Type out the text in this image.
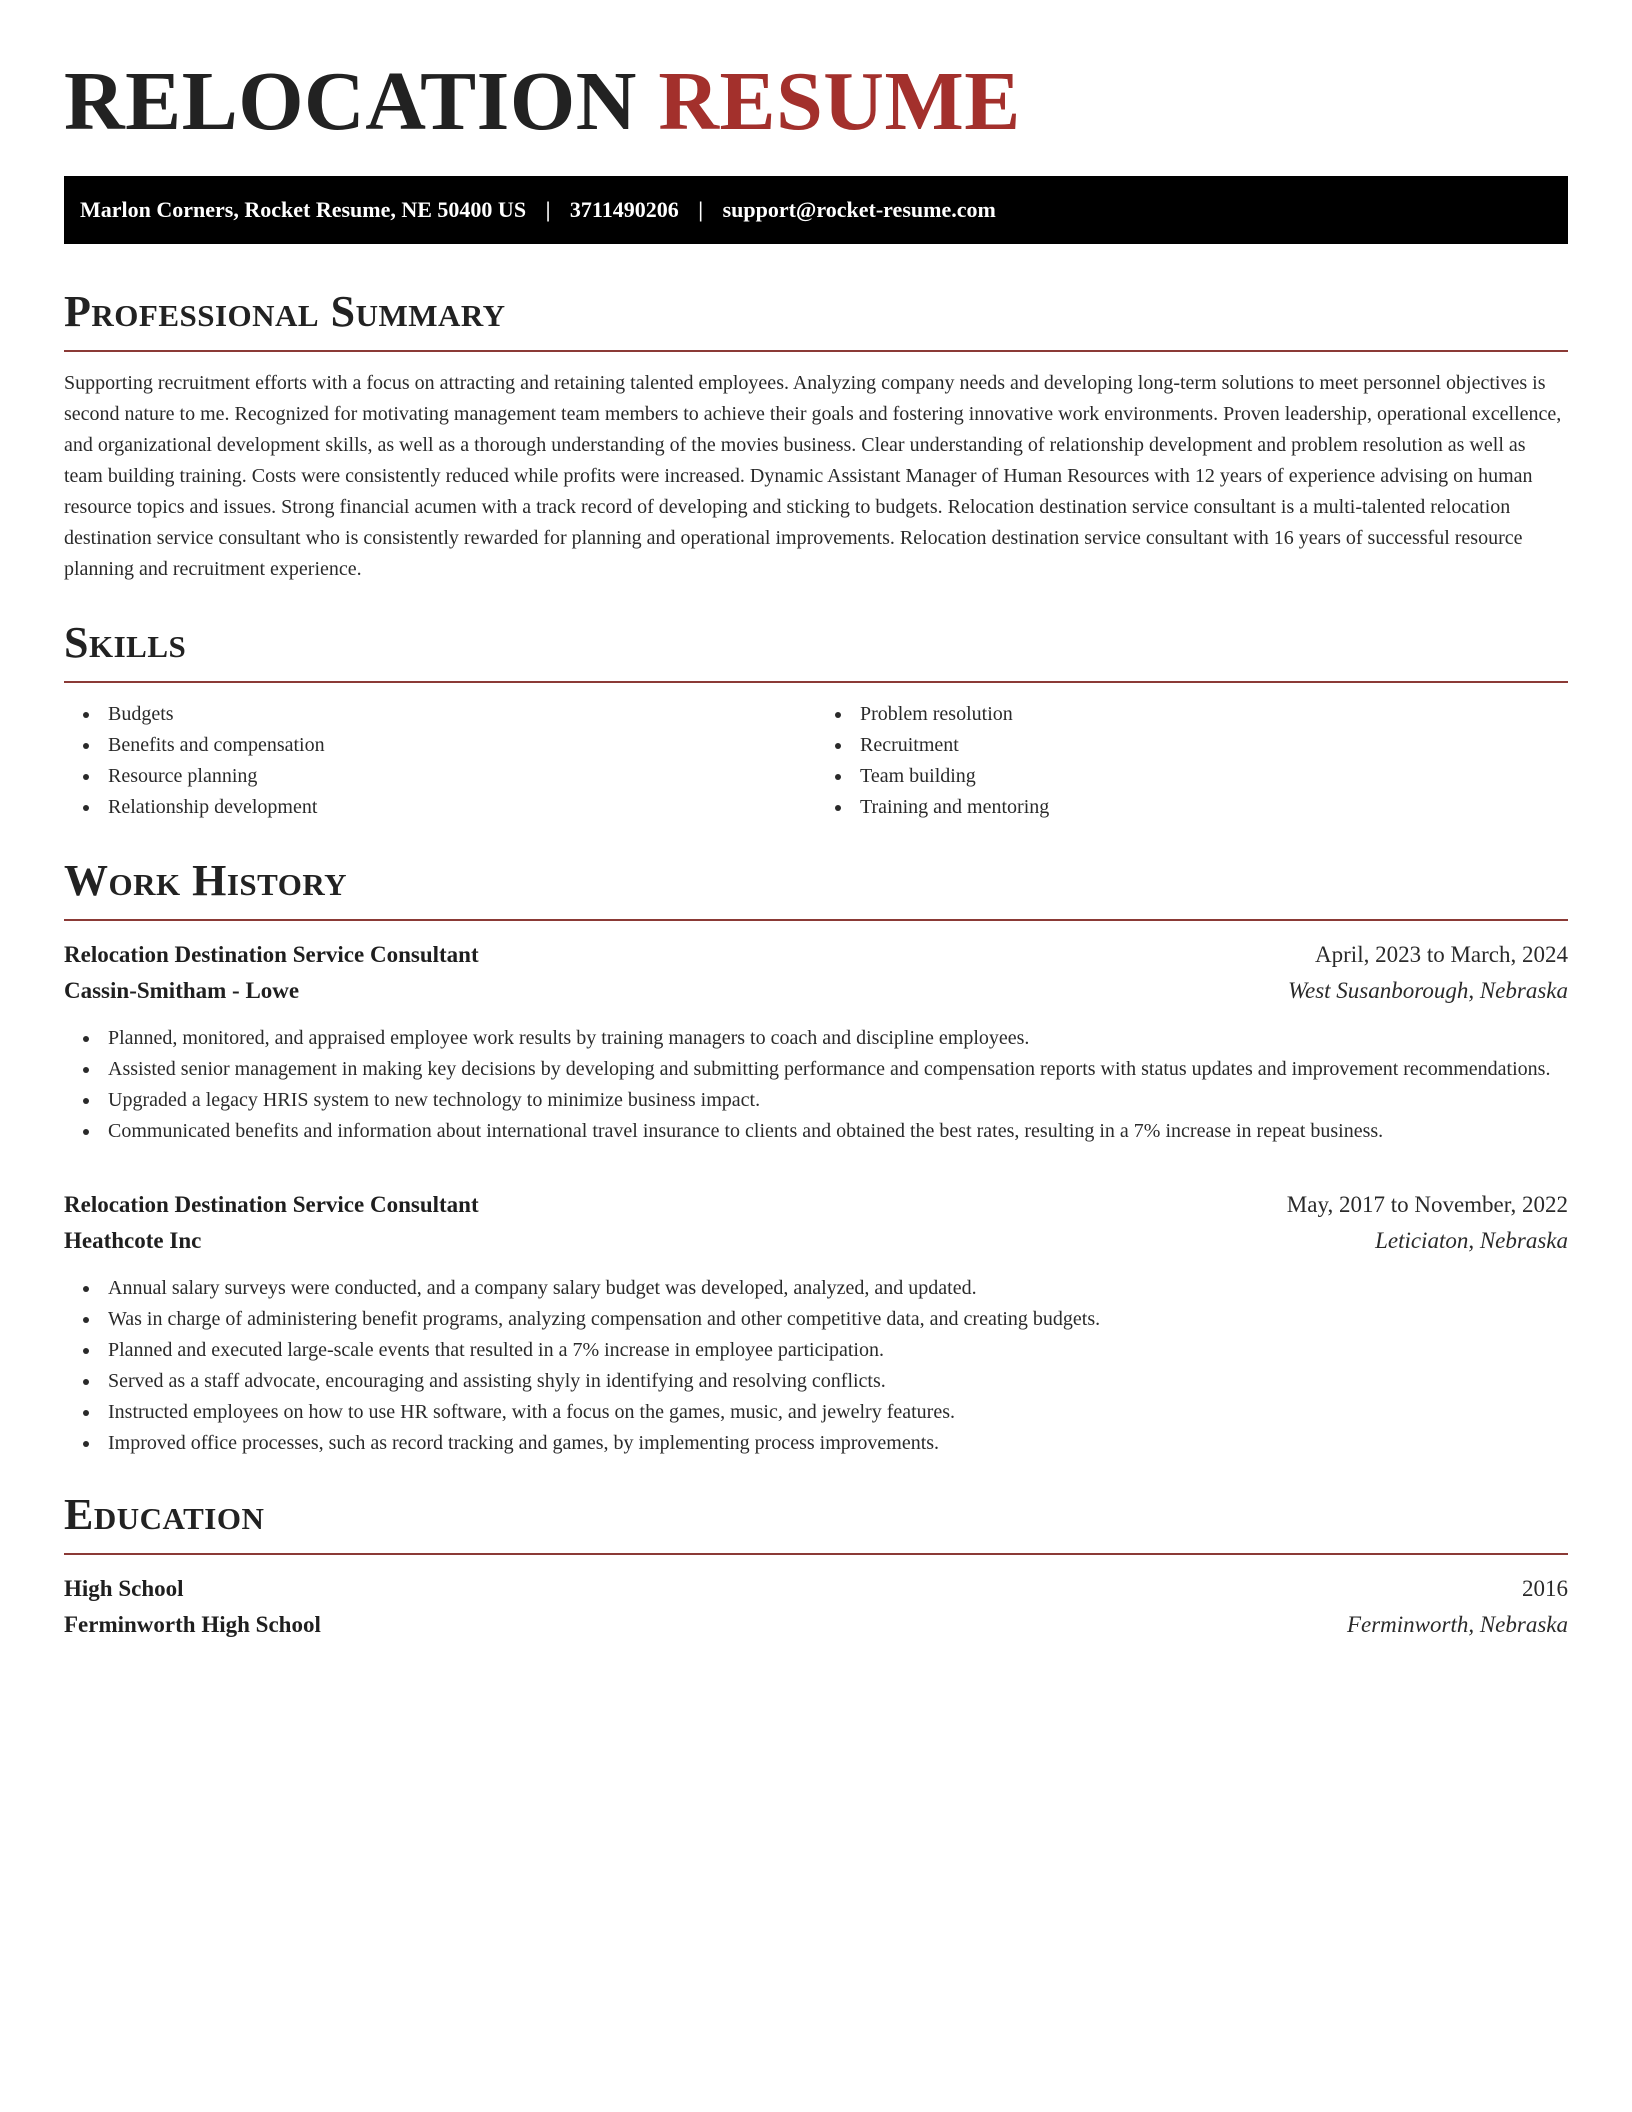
RELOCATION RESUME
Marlon Corners, Rocket Resume, NE 50400 US | 3711490206 | support@rocket-resume.com
Professional Summary

Supporting recruitment efforts with a focus on attracting and retaining talented employees. Analyzing company needs and developing long-term solutions to meet personnel objectives is second nature to me. Recognized for motivating management team members to achieve their goals and fostering innovative work environments. Proven leadership, operational excellence, and organizational development skills, as well as a thorough understanding of the movies business. Clear understanding of relationship development and problem resolution as well as team building training. Costs were consistently reduced while profits were increased. Dynamic Assistant Manager of Human Resources with 12 years of experience advising on human resource topics and issues. Strong financial acumen with a track record of developing and sticking to budgets. Relocation destination service consultant is a multi-talented relocation destination service consultant who is consistently rewarded for planning and operational improvements. Relocation destination service consultant with 16 years of successful resource planning and recruitment experience.

Skills
Budgets
Benefits and compensation
Resource planning
Relationship development
Problem resolution
Recruitment
Team building
Training and mentoring
Work History
Relocation Destination Service Consultant	April, 2023 to March, 2024
Cassin-Smitham - Lowe	West Susanborough, Nebraska
Planned, monitored, and appraised employee work results by training managers to coach and discipline employees.
Assisted senior management in making key decisions by developing and submitting performance and compensation reports with status updates and improvement recommendations.
Upgraded a legacy HRIS system to new technology to minimize business impact.
Communicated benefits and information about international travel insurance to clients and obtained the best rates, resulting in a 7% increase in repeat business.
Relocation Destination Service Consultant	May, 2017 to November, 2022
Heathcote Inc	Leticiaton, Nebraska
Annual salary surveys were conducted, and a company salary budget was developed, analyzed, and updated.
Was in charge of administering benefit programs, analyzing compensation and other competitive data, and creating budgets.
Planned and executed large-scale events that resulted in a 7% increase in employee participation.
Served as a staff advocate, encouraging and assisting shyly in identifying and resolving conflicts.
Instructed employees on how to use HR software, with a focus on the games, music, and jewelry features.
Improved office processes, such as record tracking and games, by implementing process improvements.
Education
High School	2016
Ferminworth High School	Ferminworth, Nebraska
